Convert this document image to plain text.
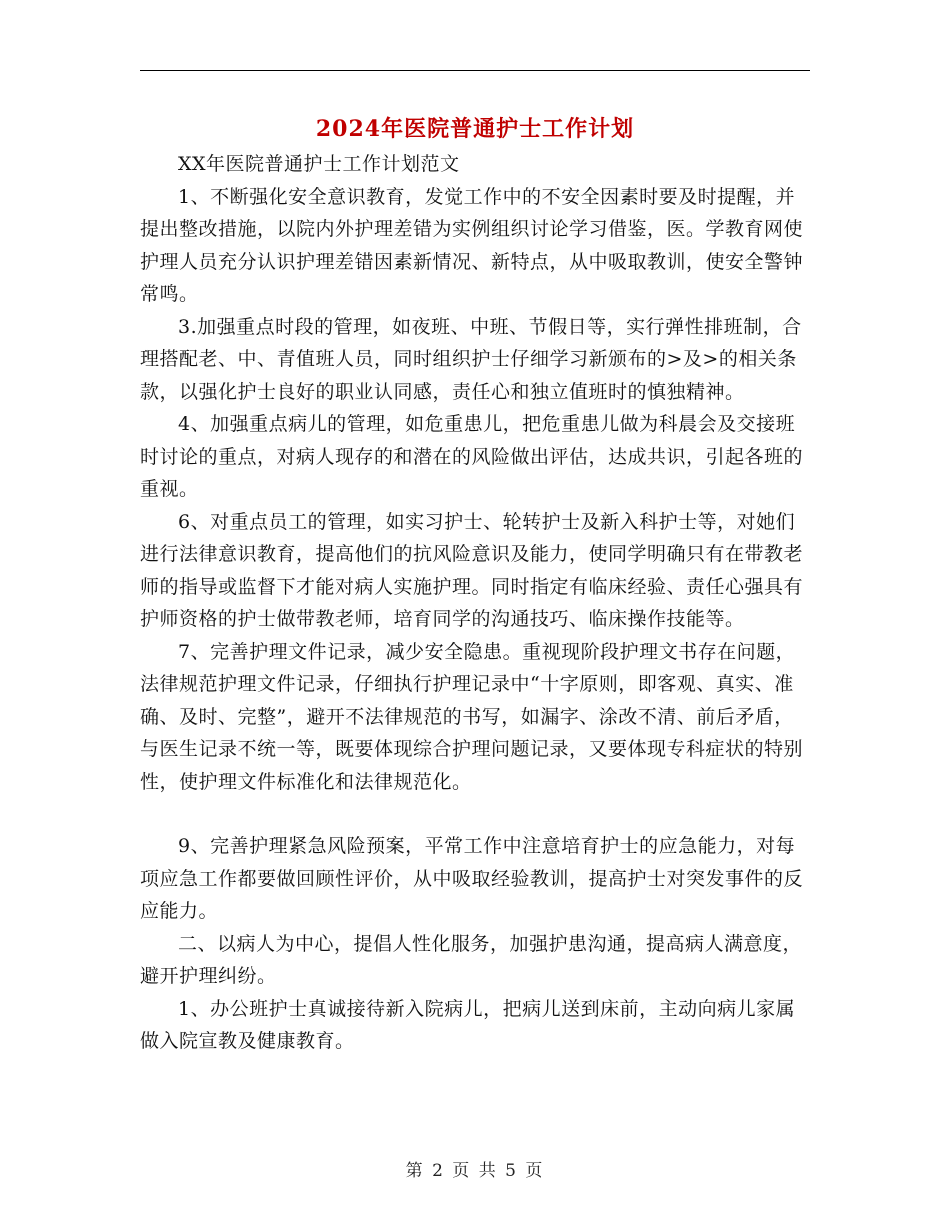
2024年医院普通护士工作计划

XX年医院普通护士工作计划范文

1、不断强化安全意识教育，发觉工作中的不安全因素时要及时提醒，并提出整改措施，以院内外护理差错为实例组织讨论学习借鉴，医。学教育网使护理人员充分认识护理差错因素新情况、新特点，从中吸取教训，使安全警钟常鸣。

3.加强重点时段的管理，如夜班、中班、节假日等，实行弹性排班制，合理搭配老、中、青值班人员，同时组织护士仔细学习新颁布的>及>的相关条款，以强化护士良好的职业认同感，责任心和独立值班时的慎独精神。

4、加强重点病儿的管理，如危重患儿，把危重患儿做为科晨会及交接班时讨论的重点，对病人现存的和潜在的风险做出评估，达成共识，引起各班的重视。

6、对重点员工的管理，如实习护士、轮转护士及新入科护士等，对她们进行法律意识教育，提高他们的抗风险意识及能力，使同学明确只有在带教老师的指导或监督下才能对病人实施护理。同时指定有临床经验、责任心强具有护师资格的护士做带教老师，培育同学的沟通技巧、临床操作技能等。

7、完善护理文件记录，减少安全隐患。重视现阶段护理文书存在问题，法律规范护理文件记录，仔细执行护理记录中“十字原则，即客观、真实、准确、及时、完整”，避开不法律规范的书写，如漏字、涂改不清、前后矛盾，与医生记录不统一等，既要体现综合护理问题记录，又要体现专科症状的特别性，使护理文件标准化和法律规范化。

9、完善护理紧急风险预案，平常工作中注意培育护士的应急能力，对每项应急工作都要做回顾性评价，从中吸取经验教训，提高护士对突发事件的反应能力。

二、以病人为中心，提倡人性化服务，加强护患沟通，提高病人满意度，避开护理纠纷。

1、办公班护士真诚接待新入院病儿，把病儿送到床前，主动向病儿家属做入院宣教及健康教育。

第 2 页 共 5 页
